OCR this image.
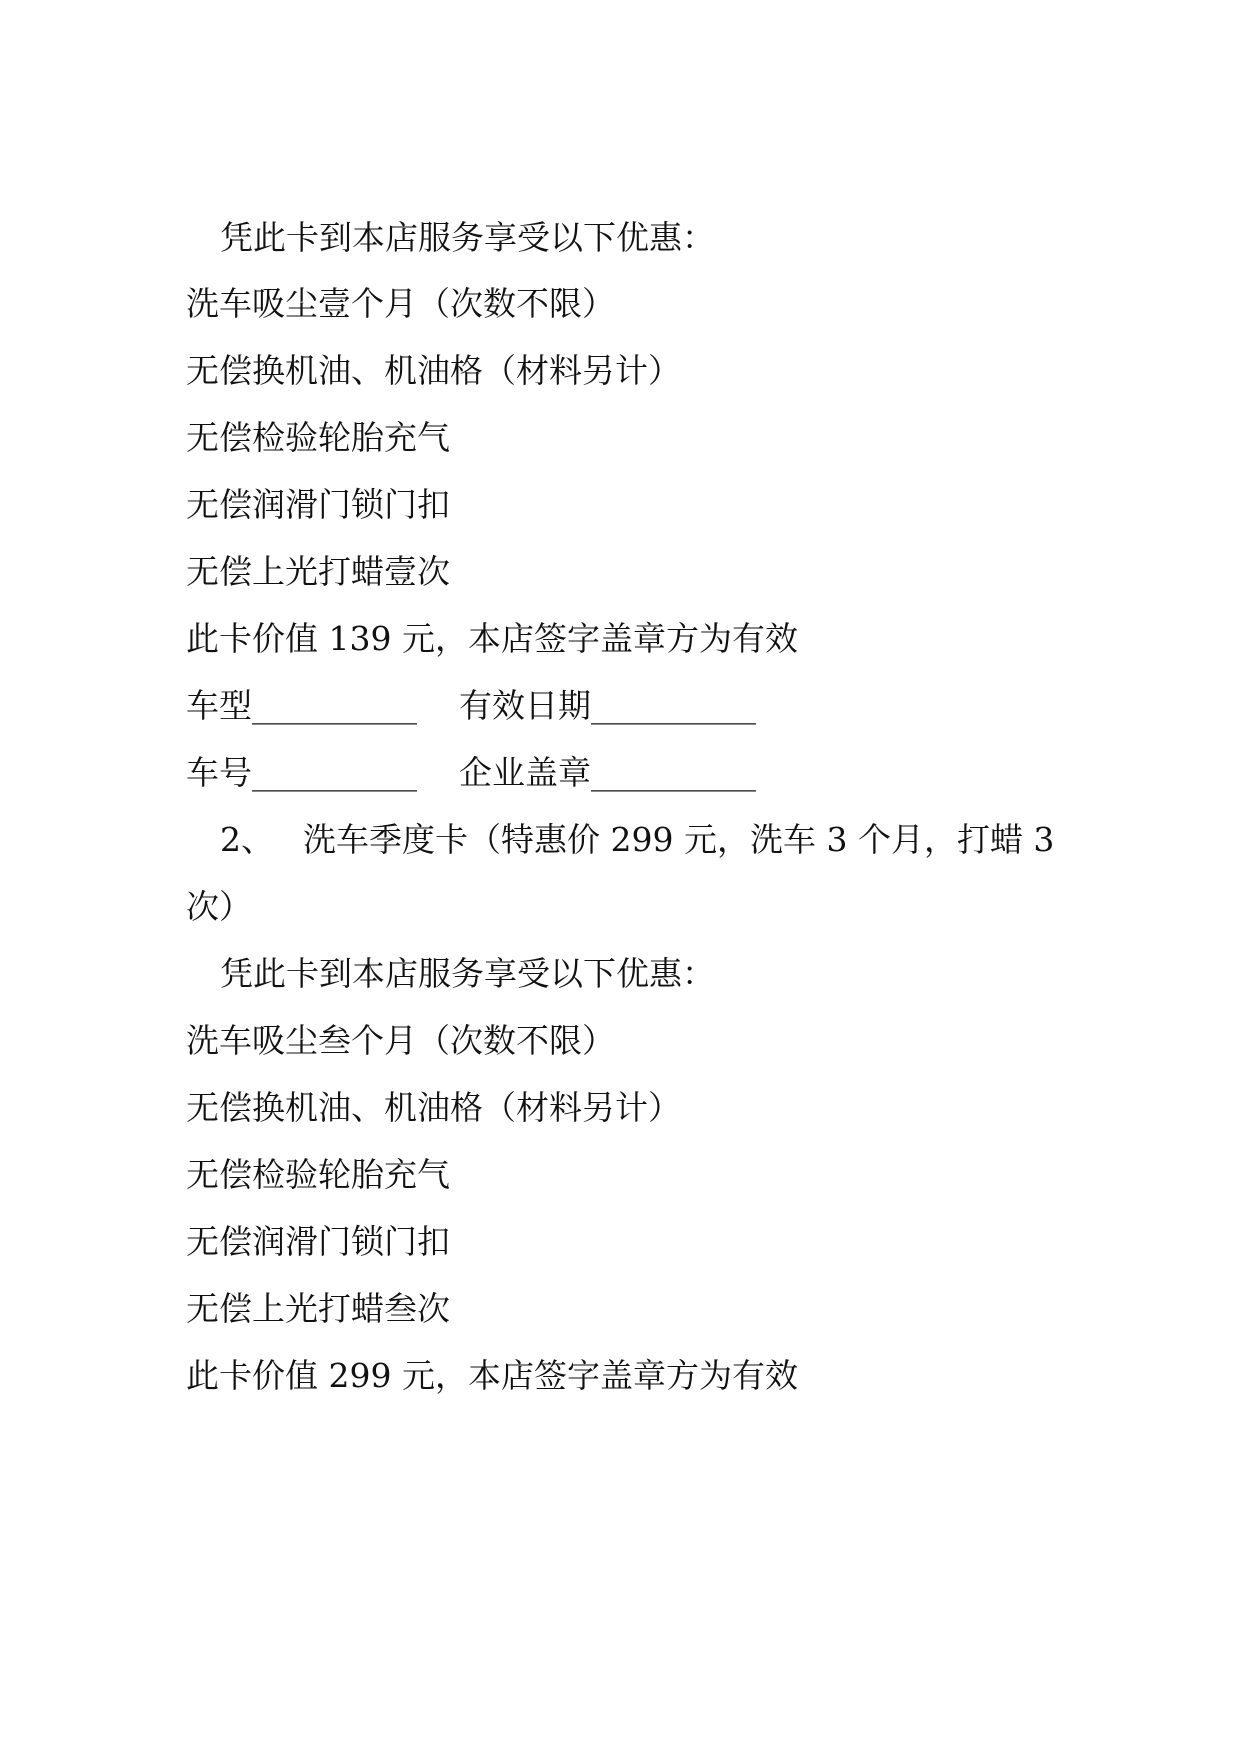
凭此卡到本店服务享受以下优惠：
洗车吸尘壹个月（次数不限）
无偿换机油、机油格（材料另计）
无偿检验轮胎充气
无偿润滑门锁门扣
无偿上光打蜡壹次
此卡价值 139 元，本店签字盖章方为有效
车型__________    有效日期__________
车号__________    企业盖章__________
2、 洗车季度卡（特惠价 299 元，洗车 3 个月，打蜡 3
次）
凭此卡到本店服务享受以下优惠：
洗车吸尘叁个月（次数不限）
无偿换机油、机油格（材料另计）
无偿检验轮胎充气
无偿润滑门锁门扣
无偿上光打蜡叁次
此卡价值 299 元，本店签字盖章方为有效
